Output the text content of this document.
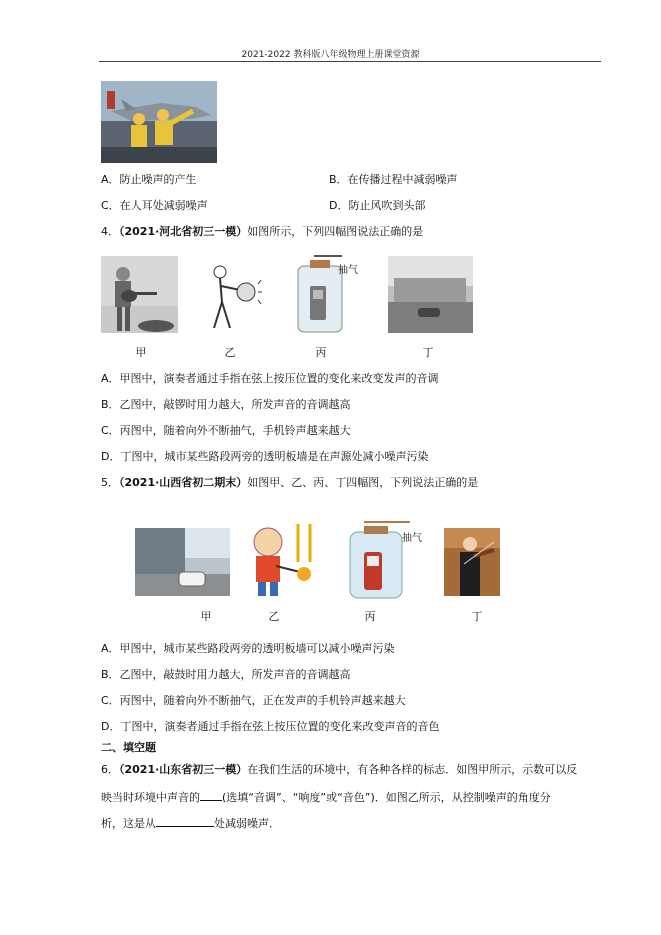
2021-2022 教科版八年级物理上册课堂资源
A．防止噪声的产生	B．在传播过程中减弱噪声
C．在人耳处减弱噪声	D．防止风吹到头部
4．（2021·河北省初三一模）如图所示，下列四幅图说法正确的是
抽气
甲	乙	丙	丁
A．甲图中，演奏者通过手指在弦上按压位置的变化来改变发声的音调
B．乙图中，敲锣时用力越大，所发声音的音调越高
C．丙图中，随着向外不断抽气，手机铃声越来越大
D．丁图中，城市某些路段两旁的透明板墙是在声源处减小噪声污染
5．（2021·山西省初二期末）如图甲、乙、丙、丁四幅图，下列说法正确的是
抽气
甲	乙	丙	丁
A．甲图中，城市某些路段两旁的透明板墙可以减小噪声污染
B．乙图中，敲鼓时用力越大，所发声音的音调越高
C．丙图中，随着向外不断抽气，正在发声的手机铃声越来越大
D．丁图中，演奏者通过手指在弦上按压位置的变化来改变声音的音色
二、填空题
6．（2021·山东省初三一模）在我们生活的环境中，有各种各样的标志．如图甲所示，示数可以反
映当时环境中声音的 (选填“音调”、“响度”或“音色”)．如图乙所示，从控制噪声的角度分
析，这是从	处减弱噪声．
